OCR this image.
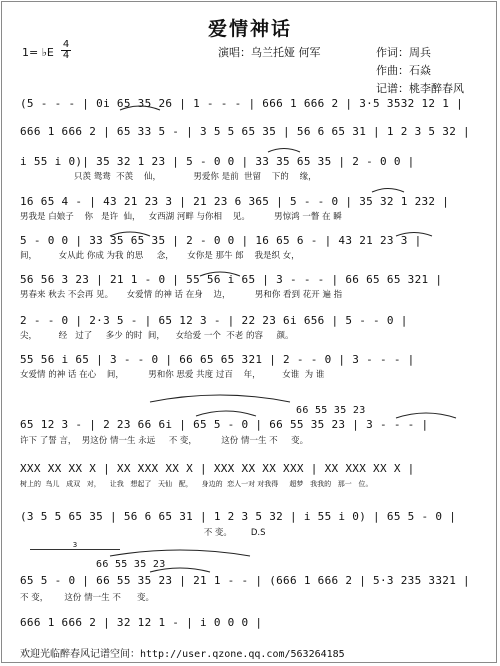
爱情神话
1= ♭E $\frac{4}{4}$	演唱：乌兰托娅 何军	作词：周兵
作曲：石焱
记谱：桃李醉春风
(5 - - - | 0i 65 35 26 | 1 - - - | 666 1 666 2 | 3·5 3532 12 1 |
666 1 666 2 | 65 33 5 - | 3 5 5 65 35 | 56 6 65 31 | 1 2 3 5 32 |
i 55 i 0)| 35 32 1 23 | 5 - 0 0 | 33 35 65 35 | 2 - 0 0 |
只羡 鸳鸯  不羡    仙，            男爱你 是前  世留    下的    缘，
16 65 4 - | 43 21 23 3 | 21 23 6 365 | 5 - - 0 | 35 32 1 232 |
男我是 白娘子    你   是许  仙，   女西湖 河畔 与你相    见。         男惊鸿 一瞥 在 瞬
5 - 0 0 | 33 35 65 35 | 2 - 0 0 | 16 65 6 - | 43 21 23 3 |
间，        女从此 你成 为我 的思     念，     女你是 那牛 郎    我是织 女，
56 56 3 23 | 21 1 - 0 | 55 56 i 65 | 3 - - - | 66 65 65 321 |
男春来 秋去 不会再 见。     女爱情 的神 话 在身    边，         男和你 看到 花开 遍 指
2 - - 0 | 2·3 5 - | 65 12 3 - | 22 23 6i 656 | 5 - - 0 |
尖，        经   过了     多少 的时  间，    女给爱 一个  不老 的容     颜。
55 56 i 65 | 3 - - 0 | 66 65 65 321 | 2 - - 0 | 3 - - - |
女爱情 的神 话 在心    间，         男和你 思爱 共度 过百    年，        女谁  为 谁
66 55 35 23
65 12 3 - | 2 23 66 6i | 65 5 - 0 | 66 55 35 23 | 3 - - - |
许下 了誓 言，  男这份 情一生 永远     不 变，         这份 情一生 不     变。
XXX XX XX X | XX XXX XX X | XXX XX XX XXX | XX XXX XX X |
树上的  鸟儿   成双   对，    让我   想起了   天仙   配，    身边的  恋人一对 对我得     超梦   我我的   那一   位。
(3 5 5 65 35 | 56 6 65 31 | 1 2 3 5 32 | i 55 i 0) | 65 5 - 0 |
不 变。       D.S
3
66 55 35 23
65 5 - 0 | 66 55 35 23 | 21 1 - - | (666 1 666 2 | 5·3 235 3321 |
不 变，      这份 情一生 不      变。
666 1 666 2 | 32 12 1 - | i 0 0 0 |
欢迎光临醉春风记谱空间：http://user.qzone.qq.com/563264185
